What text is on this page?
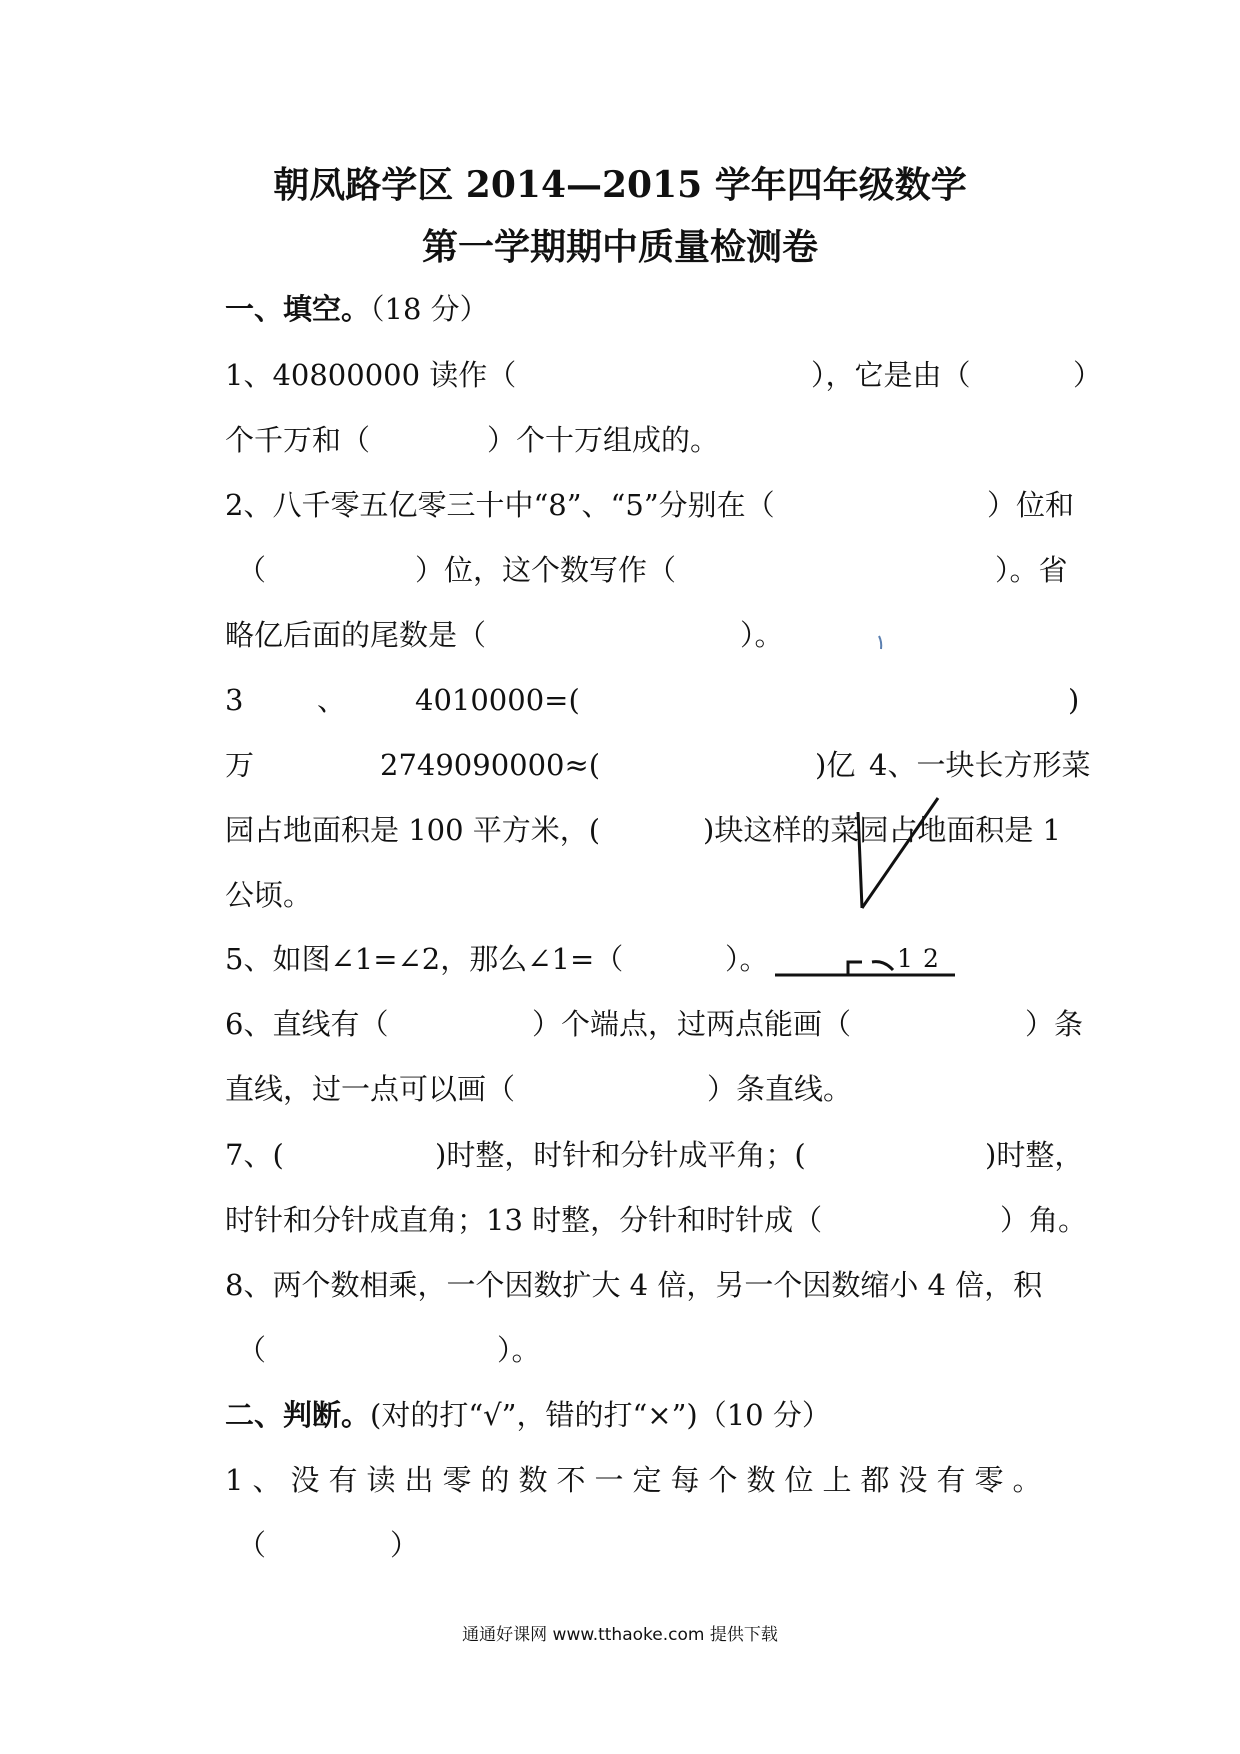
朝凤路学区 2014—2015 学年四年级数学
第一学期期中质量检测卷
一、填空。（18 分）
1、40800000 读作（	），它是由（	）
个千万和（	）个十万组成的。
2、八千零五亿零三十中“8”、“5”分别在（	）位和
（	）位，这个数写作（	）。省
略亿后面的尾数是（	）。
3	、 4010000=(	)
万	2749090000≈(	)亿 4、一块长方形菜
园占地面积是 100 平方米，(	)块这样的菜园占地面积是 1
公顷。
5、如图∠1=∠2，那么∠1=（	）。	1 2
6、直线有（	）个端点，过两点能画（	）条
直线，过一点可以画（	）条直线。
7、(	)时整，时针和分针成平角；(	)时整，
时针和分针成直角；13 时整，分针和时针成（	）角。
8、两个数相乘，一个因数扩大 4 倍，另一个因数缩小 4 倍，积
（	）。
二、判断。(对的打“√”，错的打“×”)（10 分）
1、没有读出零的数不一定每个数位上都没有零。
（	）
通通好课网 www.tthaoke.com 提供下载
